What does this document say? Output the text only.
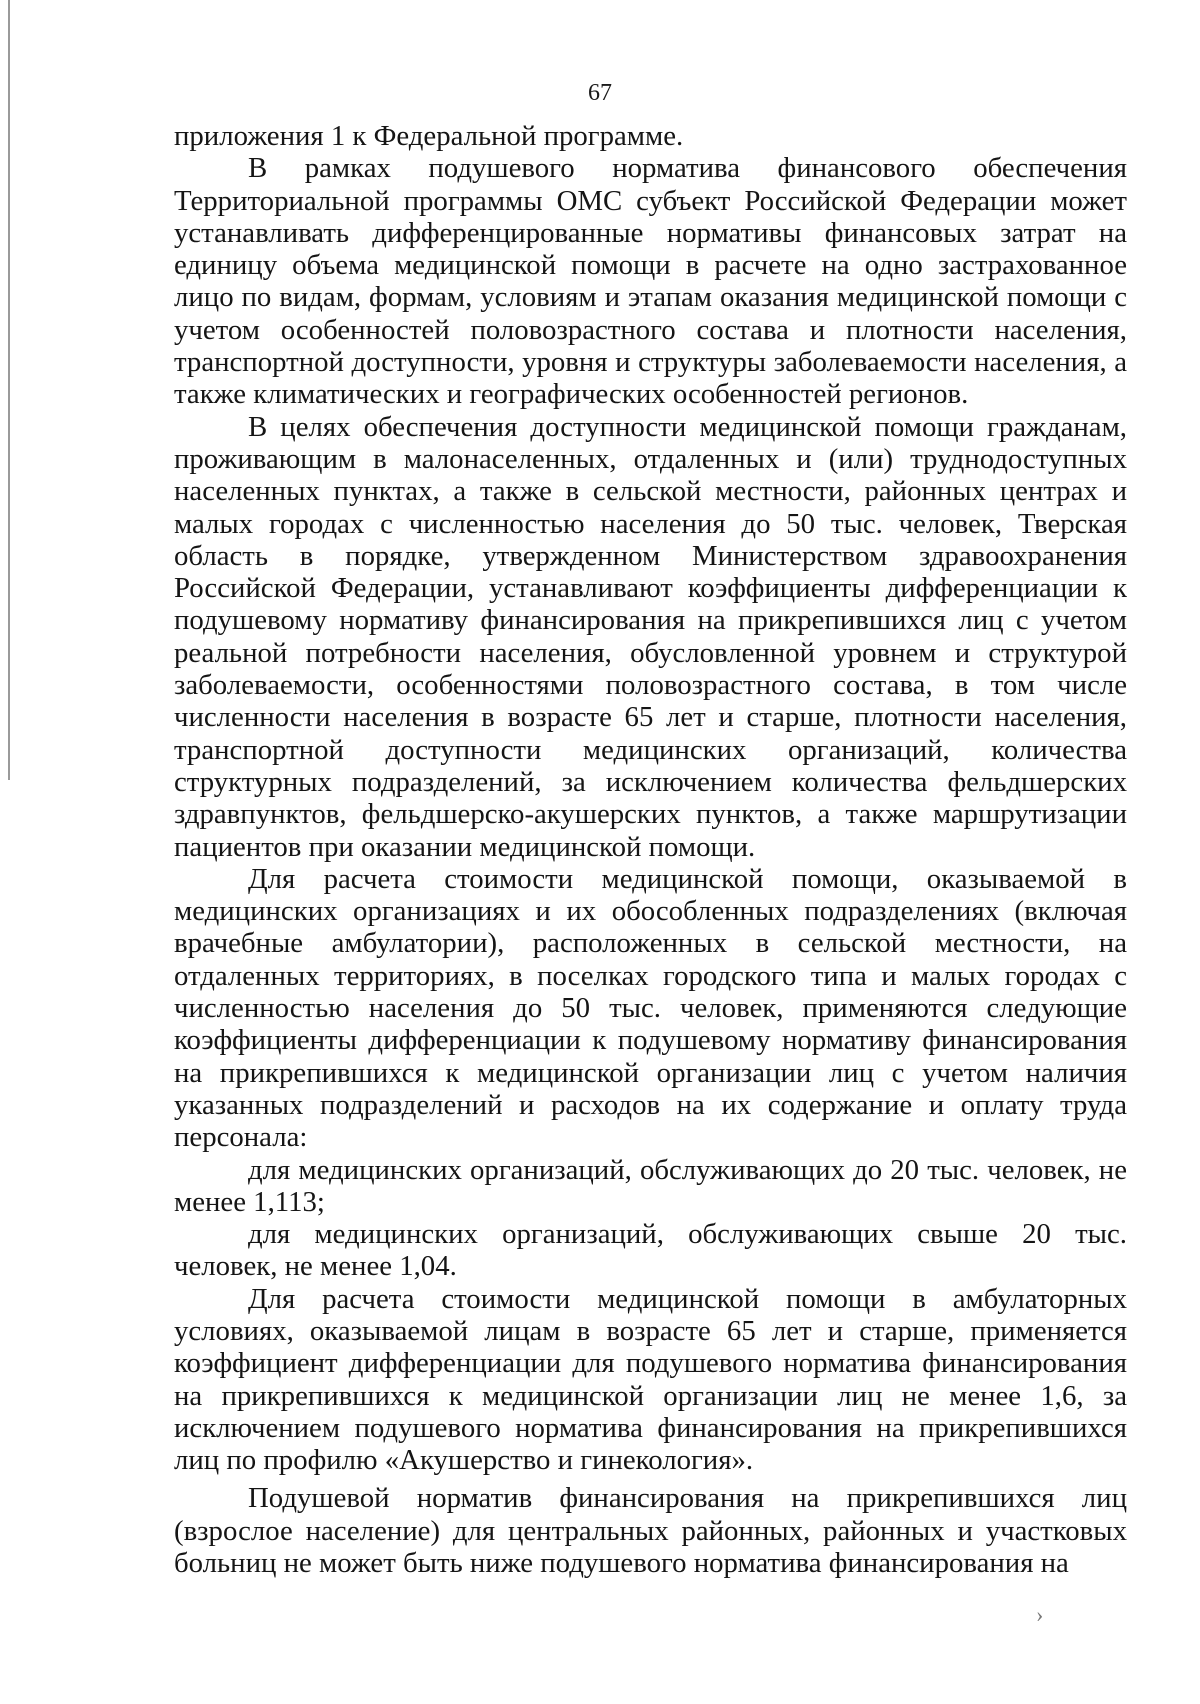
67

приложения 1 к Федеральной программе.

В рамках подушевого норматива финансового обеспечения Территориальной программы ОМС субъект Российской Федерации может устанавливать дифференцированные нормативы финансовых затрат на единицу объема медицинской помощи в расчете на одно застрахованное лицо по видам, формам, условиям и этапам оказания медицинской помощи с учетом особенностей половозрастного состава и плотности населения, транспортной доступности, уровня и структуры заболеваемости населения, а также климатических и географических особенностей регионов.

В целях обеспечения доступности медицинской помощи гражданам, проживающим в малонаселенных, отдаленных и (или) труднодоступных населенных пунктах, а также в сельской местности, районных центрах и малых городах с численностью населения до 50 тыс. человек, Тверская область в порядке, утвержденном Министерством здравоохранения Российской Федерации, устанавливают коэффициенты дифференциации к подушевому нормативу финансирования на прикрепившихся лиц с учетом реальной потребности населения, обусловленной уровнем и структурой заболеваемости, особенностями половозрастного состава, в том числе численности населения в возрасте 65 лет и старше, плотности населения, транспортной доступности медицинских организаций, количества структурных подразделений, за исключением количества фельдшерских здравпунктов, фельдшерско-акушерских пунктов, а также маршрутизации пациентов при оказании медицинской помощи.

Для расчета стоимости медицинской помощи, оказываемой в медицинских организациях и их обособленных подразделениях (включая врачебные амбулатории), расположенных в сельской местности, на отдаленных территориях, в поселках городского типа и малых городах с численностью населения до 50 тыс. человек, применяются следующие коэффициенты дифференциации к подушевому нормативу финансирования на прикрепившихся к медицинской организации лиц с учетом наличия указанных подразделений и расходов на их содержание и оплату труда персонала:

для медицинских организаций, обслуживающих до 20 тыс. человек, не менее 1,113;

для медицинских организаций, обслуживающих свыше 20 тыс. человек, не менее 1,04.

Для расчета стоимости медицинской помощи в амбулаторных условиях, оказываемой лицам в возрасте 65 лет и старше, применяется коэффициент дифференциации для подушевого норматива финансирования на прикрепившихся к медицинской организации лиц не менее 1,6, за исключением подушевого норматива финансирования на прикрепившихся лиц по профилю «Акушерство и гинекология».

Подушевой норматив финансирования на прикрепившихся лиц (взрослое население) для центральных районных, районных и участковых больниц не может быть ниже подушевого норматива финансирования на

›
